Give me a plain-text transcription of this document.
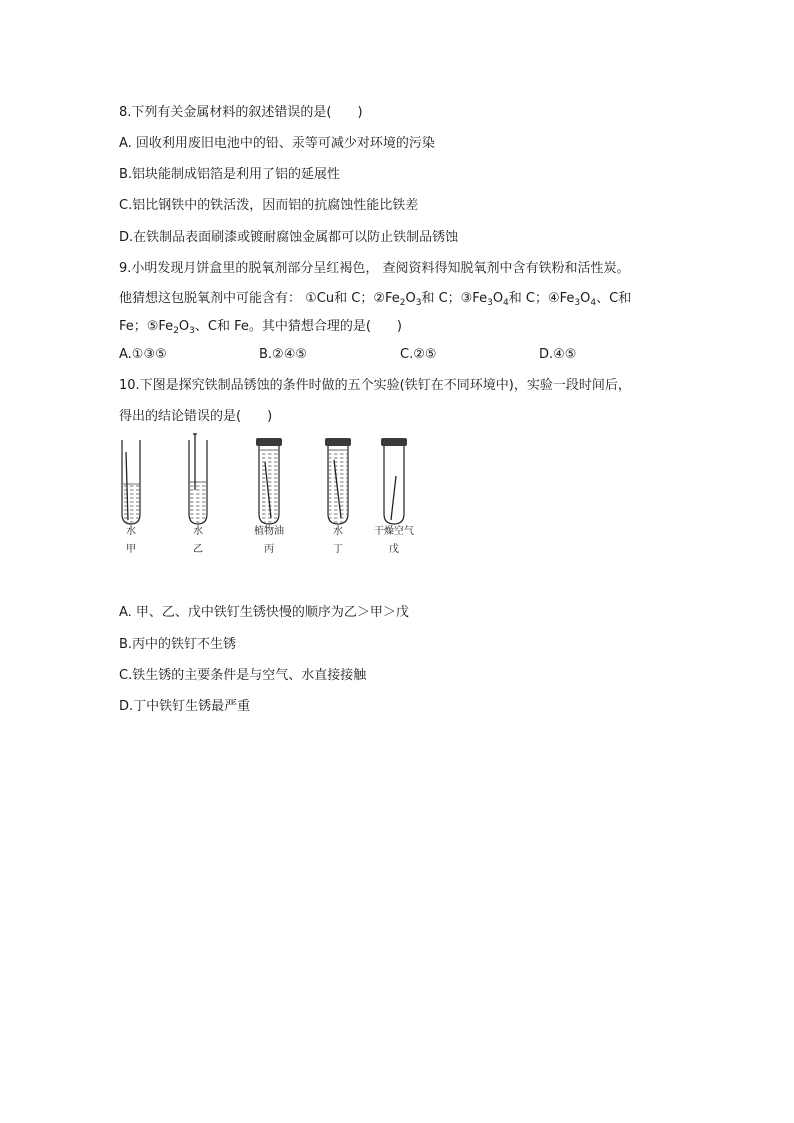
8.下列有关金属材料的叙述错误的是(　　)
A. 回收利用废旧电池中的铅、汞等可减少对环境的污染
B.铝块能制成铝箔是利用了铝的延展性
C.铝比钢铁中的铁活泼，因而铝的抗腐蚀性能比铁差
D.在铁制品表面刷漆或镀耐腐蚀金属都可以防止铁制品锈蚀
9.小明发现月饼盒里的脱氧剂部分呈红褐色， 查阅资料得知脱氧剂中含有铁粉和活性炭。
他猜想这包脱氧剂中可能含有： ①Cu和 C；$②Fe_2O_3$和 C；$③Fe_3O_4$和 C；$④Fe_3O_4$、C和
Fe；$⑤Fe_2O_3$、C和 Fe。其中猜想合理的是(　　)
A.①③⑤	B.②④⑤	C.②⑤	D.④⑤
10.下图是探究铁制品锈蚀的条件时做的五个实验(铁钉在不同环境中)，实验一段时间后，
得出的结论错误的是(　　)
水
甲
水
乙
植物油
丙
水
丁
干燥空气
戊
A. 甲、乙、戊中铁钉生锈快慢的顺序为乙＞甲＞戊
B.丙中的铁钉不生锈
C.铁生锈的主要条件是与空气、水直接接触
D.丁中铁钉生锈最严重
